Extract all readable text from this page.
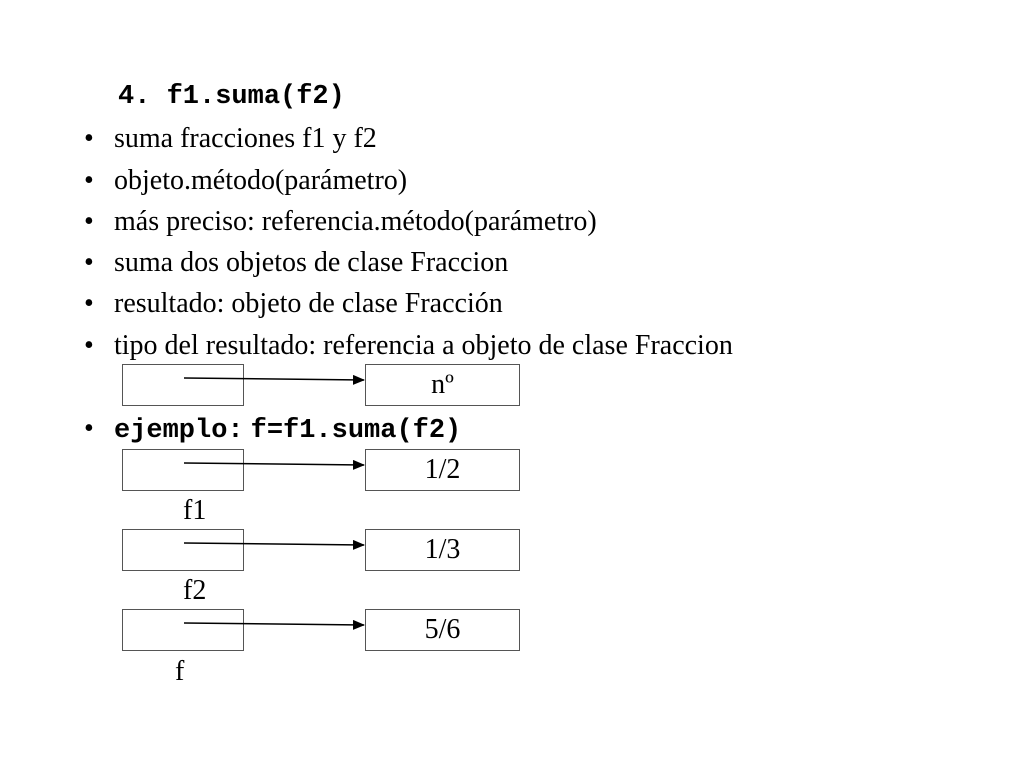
4. f1.suma(f2)
• suma fracciones f1 y f2
• objeto.método(parámetro)
• más preciso: referencia.método(parámetro)
• suma dos objetos de clase Fraccion
• resultado: objeto de clase Fracción
• tipo del resultado: referencia a objeto de clase Fraccion
nº
• ejemplo: f=f1.suma(f2)
1/2
f1
1/3
f2
5/6
f
